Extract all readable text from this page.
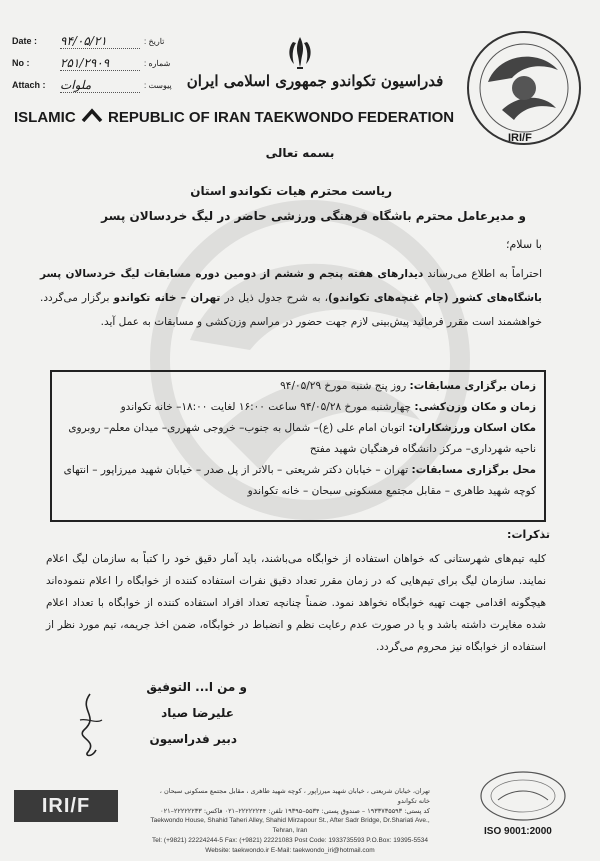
Date :	۹۴/۰۵/۲۱	تاریخ :
No :	۲۵۱/۲۹۰۹	شماره :
Attach :	ملوات	پیوست : فدراسیون تکواندو جمهوری اسلامی ایران
ISLAMIC REPUBLIC OF IRAN TAEKWONDO FEDERATION
IRI/F
بسمه تعالی
ریاست محترم هیات تکواندو استان
و مدیرعامل محترم باشگاه فرهنگی ورزشی حاضر در لیگ خردسالان پسر
با سلام؛
احتراماً به اطلاع می‌رساند دیدارهای هفته پنجم و ششم از دومین دوره مسابقات لیگ خردسالان پسر باشگاه‌های کشور (جام غنچه‌های تکواندو)، به شرح جدول ذیل در تهران – خانه تکواندو برگزار می‌گردد. خواهشمند است مقرر فرمائید پیش‌بینی لازم جهت حضور در مراسم وزن‌کشی و مسابقات به عمل آید.

زمان برگزاری مسابقات: روز پنج شنبه مورخ ۹۴/۰۵/۲۹

زمان و مکان وزن‌کشی: چهارشنبه مورخ ۹۴/۰۵/۲۸ ساعت ۱۶:۰۰ لغایت ۱۸:۰۰– خانه تکواندو

مکان اسکان ورزشکاران: اتوبان امام علی (ع)– شمال به جنوب– خروجی شهرری– میدان معلم– روبروی ناحیه شهرداری– مرکز دانشگاه فرهنگیان شهید مفتح

محل برگزاری مسابقات: تهران – خیابان دکتر شریعتی – بالاتر از پل صدر – خیابان شهید میرزاپور – انتهای کوچه شهید طاهری – مقابل مجتمع مسکونی سبحان – خانه تکواندو

تذکرات:
کلیه تیم‌های شهرستانی که خواهان استفاده از خوابگاه می‌باشند، باید آمار دقیق خود را کتباً به سازمان لیگ اعلام نمایند. سازمان لیگ برای تیم‌هایی که در زمان مقرر تعداد دقیق نفرات استفاده کننده از خوابگاه را اعلام ننموده‌اند هیچگونه اقدامی جهت تهیه خوابگاه نخواهد نمود. ضمناً چنانچه تعداد افراد استفاده کننده از خوابگاه با تعداد اعلام شده مغایرت داشته باشد و یا در صورت عدم رعایت نظم و انضباط در خوابگاه، ضمن اخذ جریمه، تیم مورد نظر از استفاده از خوابگاه نیز محروم می‌گردد.
و من ا... التوفیق
علیرضا صیاد
دبیر فدراسیون
IRI/F
تهران، خیابان شریعتی ، خیابان شهید میرزاپور ، کوچه شهید طاهری ، مقابل مجتمع مسکونی سبحان ، خانه تکواندو
کد پستی: ۱۹۳۳۷۳۵۵۹۳ – صندوق پستی: ۵۵۳۴–۱۹۳۹۵ تلفن: ۲۲۲۲۲۲۴۴–۰۲۱ فاکس: ۲۲۲۲۲۲۳۳–۰۲۱
Taekwondo House, Shahid Taheri Alley, Shahid Mirzapour St., After Sadr Bridge, Dr.Shariati Ave., Tehran, Iran
Tel: (+9821) 22224244-5 Fax: (+9821) 22221083 Post Code: 1933735593 P.O.Box: 19395-5534
Website: taekwondo.ir E-Mail: taekwondo_iri@hotmail.com
ISO 9001:2000
